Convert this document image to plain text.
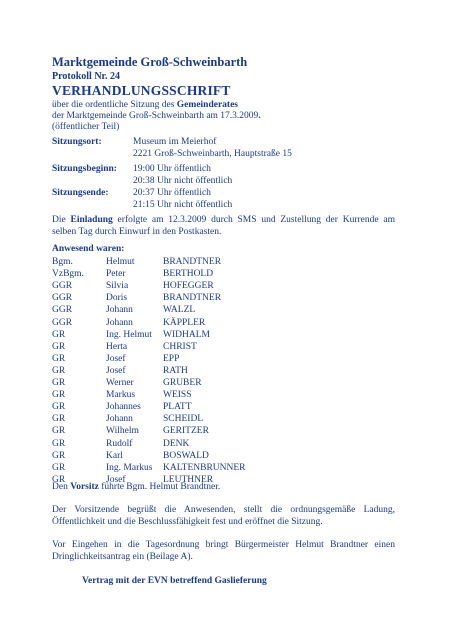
Marktgemeinde Groß-Schweinbarth
Protokoll Nr. 24
VERHANDLUNGSSCHRIFT
über die ordentliche Sitzung des Gemeinderates
der Marktgemeinde Groß-Schweinbarth am 17.3.2009.
(öffentlicher Teil)
Sitzungsort:	Museum im Meierhof
2221 Groß-Schweinbarth, Hauptstraße 15
Sitzungsbeginn: 19:00 Uhr öffentlich
20:38 Uhr nicht öffentlich
Sitzungsende:	20:37 Uhr öffentlich
21:15 Uhr nicht öffentlich
Die Einladung erfolgte am 12.3.2009 durch SMS und Zustellung der Kurrende am selben Tag durch Einwurf in den Postkasten.
Anwesend waren:
Bgm.	Helmut	BRANDTNER
VzBgm. Peter	BERTHOLD
GGR	Silvia	HOFEGGER
GGR	Doris	BRANDTNER
GGR	Johann	WALZL
GGR	Johann	KÄPPLER
GR	Ing. Helmut WIDHALM
GR	Herta	CHRIST
GR	Josef	EPP
GR	Josef	RATH
GR	Werner	GRUBER
GR	Markus	WEISS
GR	Johannes PLATT
GR	Johann	SCHEIDL
GR	Wilhelm	GERITZER
GR	Rudolf	DENK
GR	Karl	BOSWALD
GR	Ing. Markus KALTENBRUNNER
GR	Josef	LEUTHNER
Den Vorsitz führte Bgm. Helmut Brandtner.
Der Vorsitzende begrüßt die Anwesenden, stellt die ordnungsgemäße Ladung, Öffentlichkeit und die Beschlussfähigkeit fest und eröffnet die Sitzung.
Vor Eingehen in die Tagesordnung bringt Bürgermeister Helmut Brandtner einen Dringlichkeitsantrag ein (Beilage A).
Vertrag mit der EVN betreffend Gaslieferung
